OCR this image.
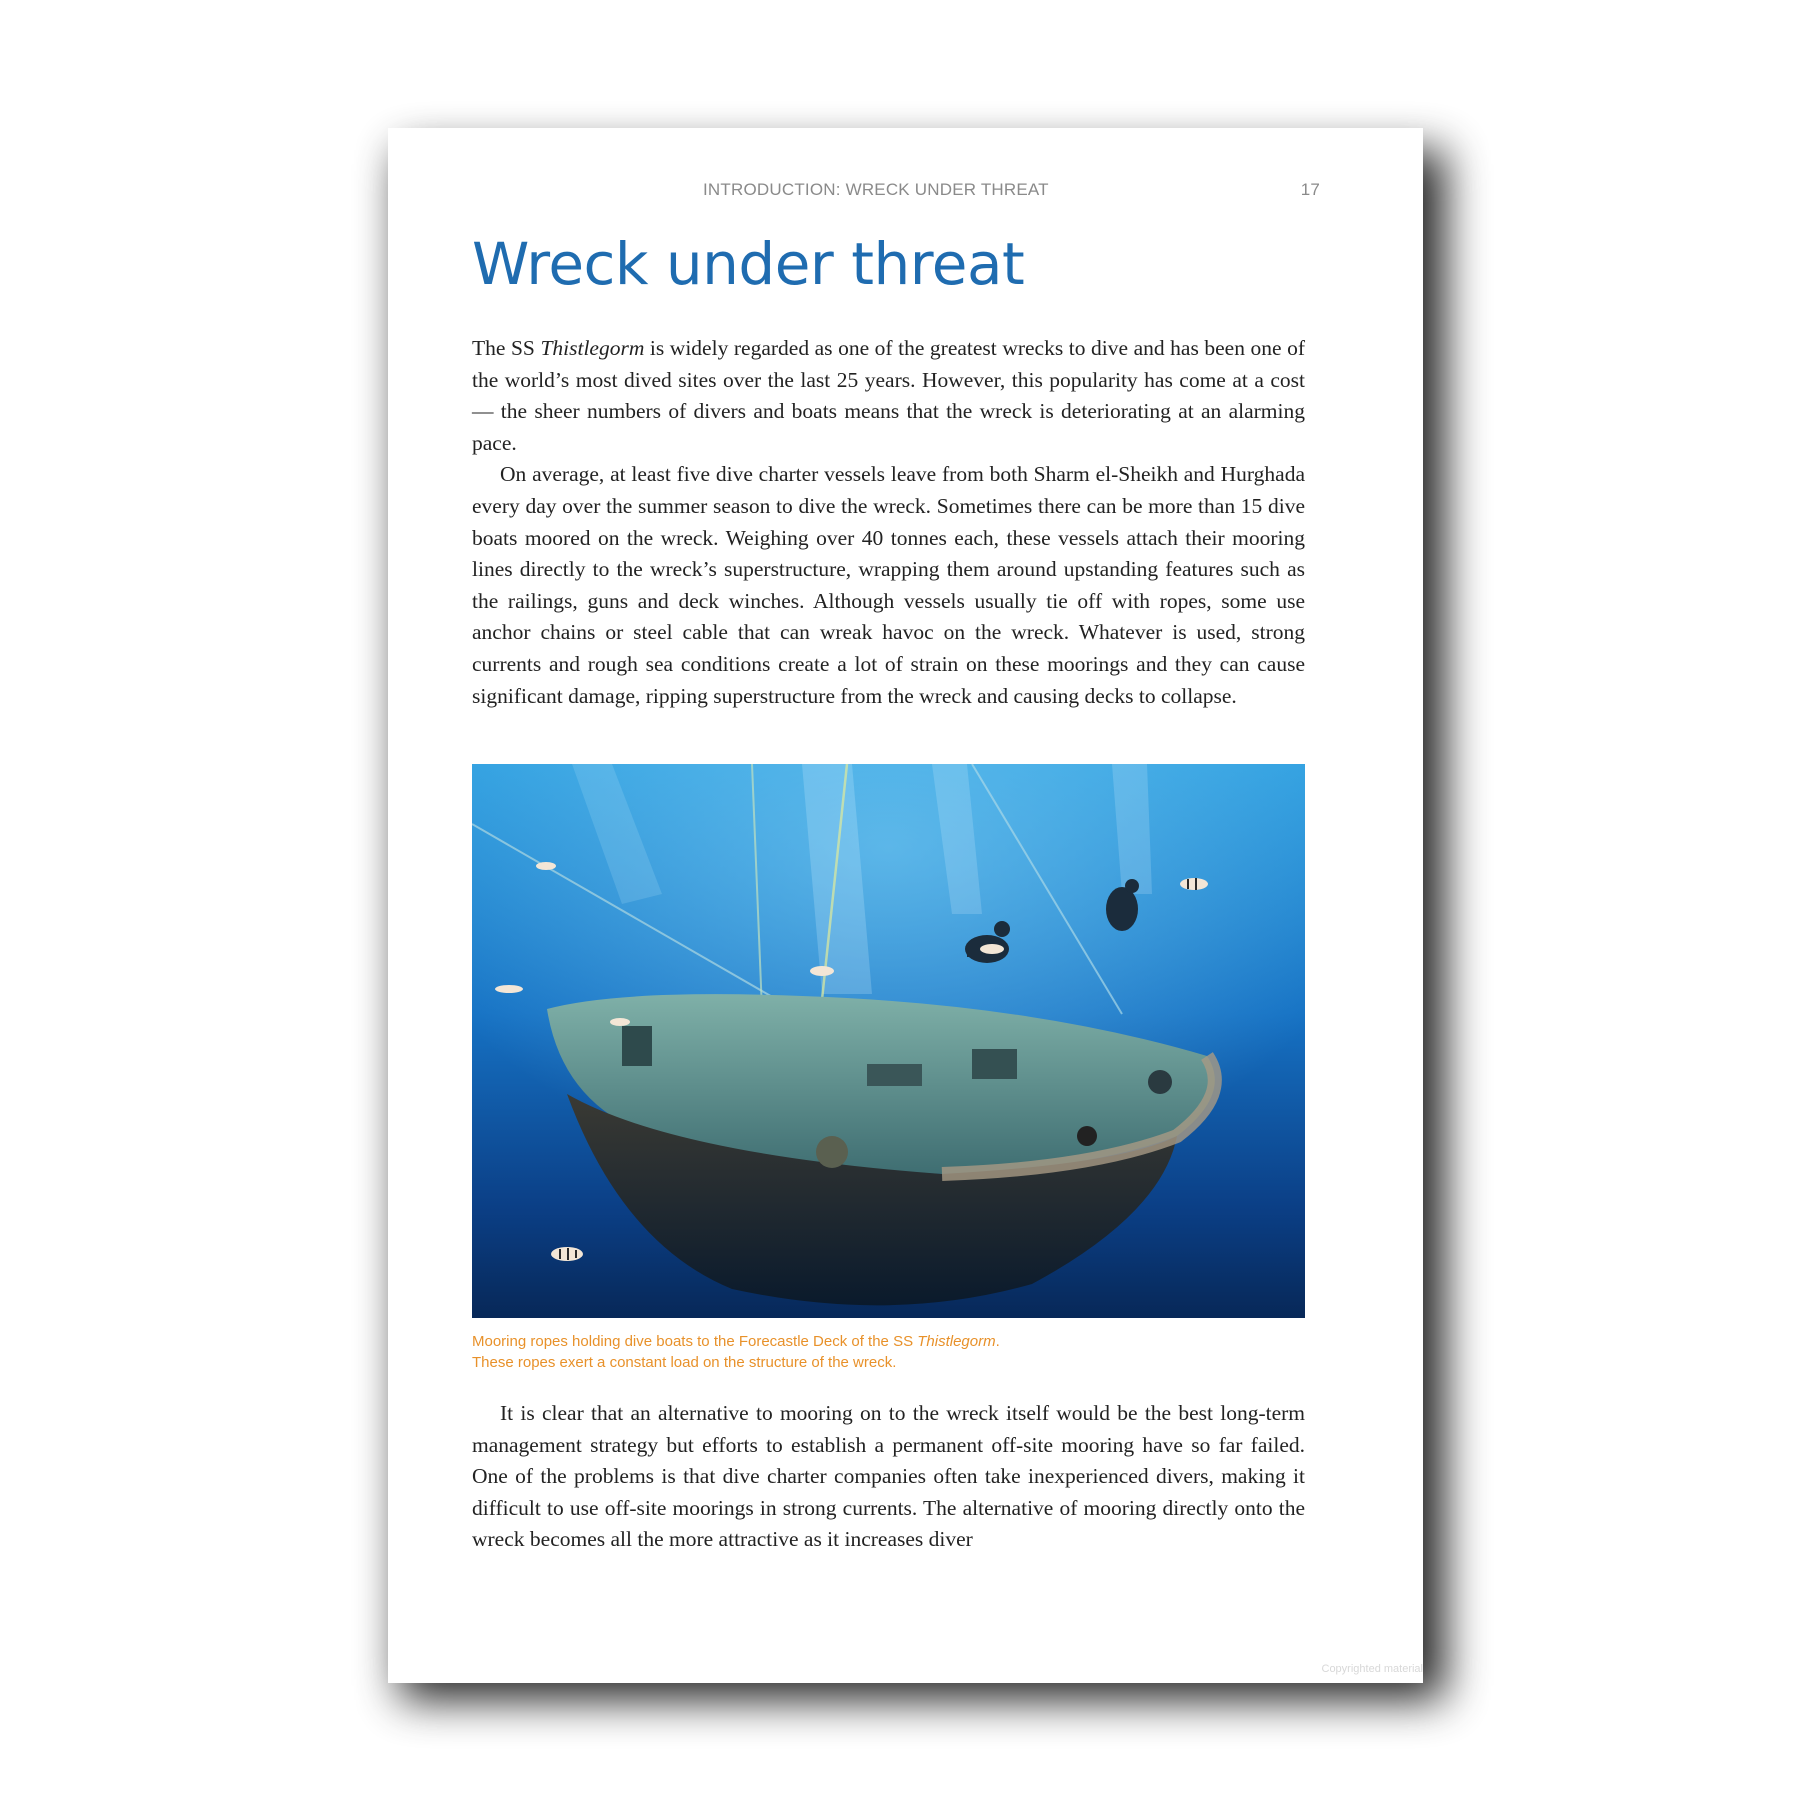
INTRODUCTION: WRECK UNDER THREAT	17
Wreck under threat

The SS Thistlegorm is widely regarded as one of the greatest wrecks to dive and has been one of the world’s most dived sites over the last 25 years. However, this popularity has come at a cost — the sheer numbers of divers and boats means that the wreck is deteriorating at an alarming pace.

On average, at least five dive charter vessels leave from both Sharm el-Sheikh and Hurghada every day over the summer season to dive the wreck. Sometimes there can be more than 15 dive boats moored on the wreck. Weighing over 40 tonnes each, these vessels attach their mooring lines directly to the wreck’s superstructure, wrapping them around upstanding features such as the railings, guns and deck winches. Although vessels usually tie off with ropes, some use anchor chains or steel cable that can wreak havoc on the wreck. Whatever is used, strong currents and rough sea conditions create a lot of strain on these moorings and they can cause significant damage, ripping superstructure from the wreck and causing decks to collapse.

Mooring ropes holding dive boats to the Forecastle Deck of the SS Thistlegorm.
These ropes exert a constant load on the structure of the wreck.

It is clear that an alternative to mooring on to the wreck itself would be the best long-term management strategy but efforts to establish a permanent off-site mooring have so far failed. One of the problems is that dive charter companies often take inexperienced divers, making it difficult to use off-site moorings in strong currents. The alternative of mooring directly onto the wreck becomes all the more attractive as it increases diver

Copyrighted material
